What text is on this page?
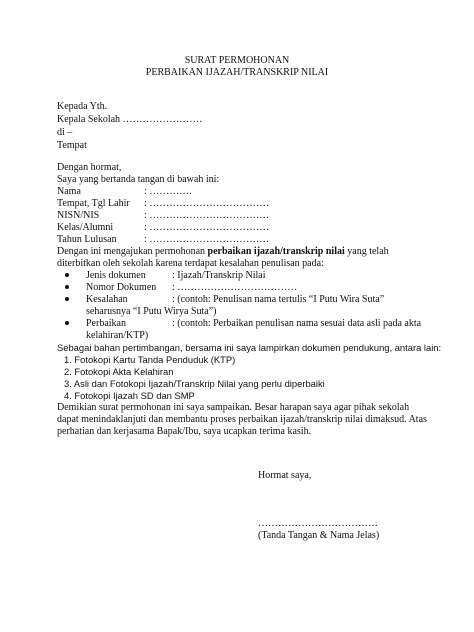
SURAT PERMOHONAN
PERBAIKAN IJAZAH/TRANSKRIP NILAI
Kepada Yth.
Kepala Sekolah ……………………
di –
Tempat
Dengan hormat,
Saya yang bertanda tangan di bawah ini:
Nama	: ………….
Tempat, Tgl Lahir : ………………………………
NISN/NIS	: ………………………………
Kelas/Alumni	: ………………………………
Tahun Lulusan	: ………………………………
Dengan ini mengajukan permohonan perbaikan ijazah/transkrip nilai yang telah
diterbitkan oleh sekolah karena terdapat kesalahan penulisan pada:
Jenis dokumen	: Ijazah/Transkrip Nilai
Nomor Dokumen : ………………………………
Kesalahan	: (contoh: Penulisan nama tertulis “I Putu Wira Suta”
seharusnya “I Putu Wirya Suta”)
Perbaikan	: (contoh: Perbaikan penulisan nama sesuai data asli pada akta
kelahiran/KTP)
Sebagai bahan pertimbangan, bersama ini saya lampirkan dokumen pendukung, antara lain:
1. Fotokopi Kartu Tanda Penduduk (KTP)
2. Fotokopi Akta Kelahiran
3. Asli dan Fotokopi Ijazah/Transkrip Nilai yang perlu diperbaiki
4. Fotokopi Ijazah SD dan SMP
Demikian surat permohonan ini saya sampaikan. Besar harapan saya agar pihak sekolah
dapat menindaklanjuti dan membantu proses perbaikan ijazah/transkrip nilai dimaksud. Atas
perhatian dan kerjasama Bapak/Ibu, saya ucapkan terima kasih.
Hormat saya,
………………………………
(Tanda Tangan & Nama Jelas)
